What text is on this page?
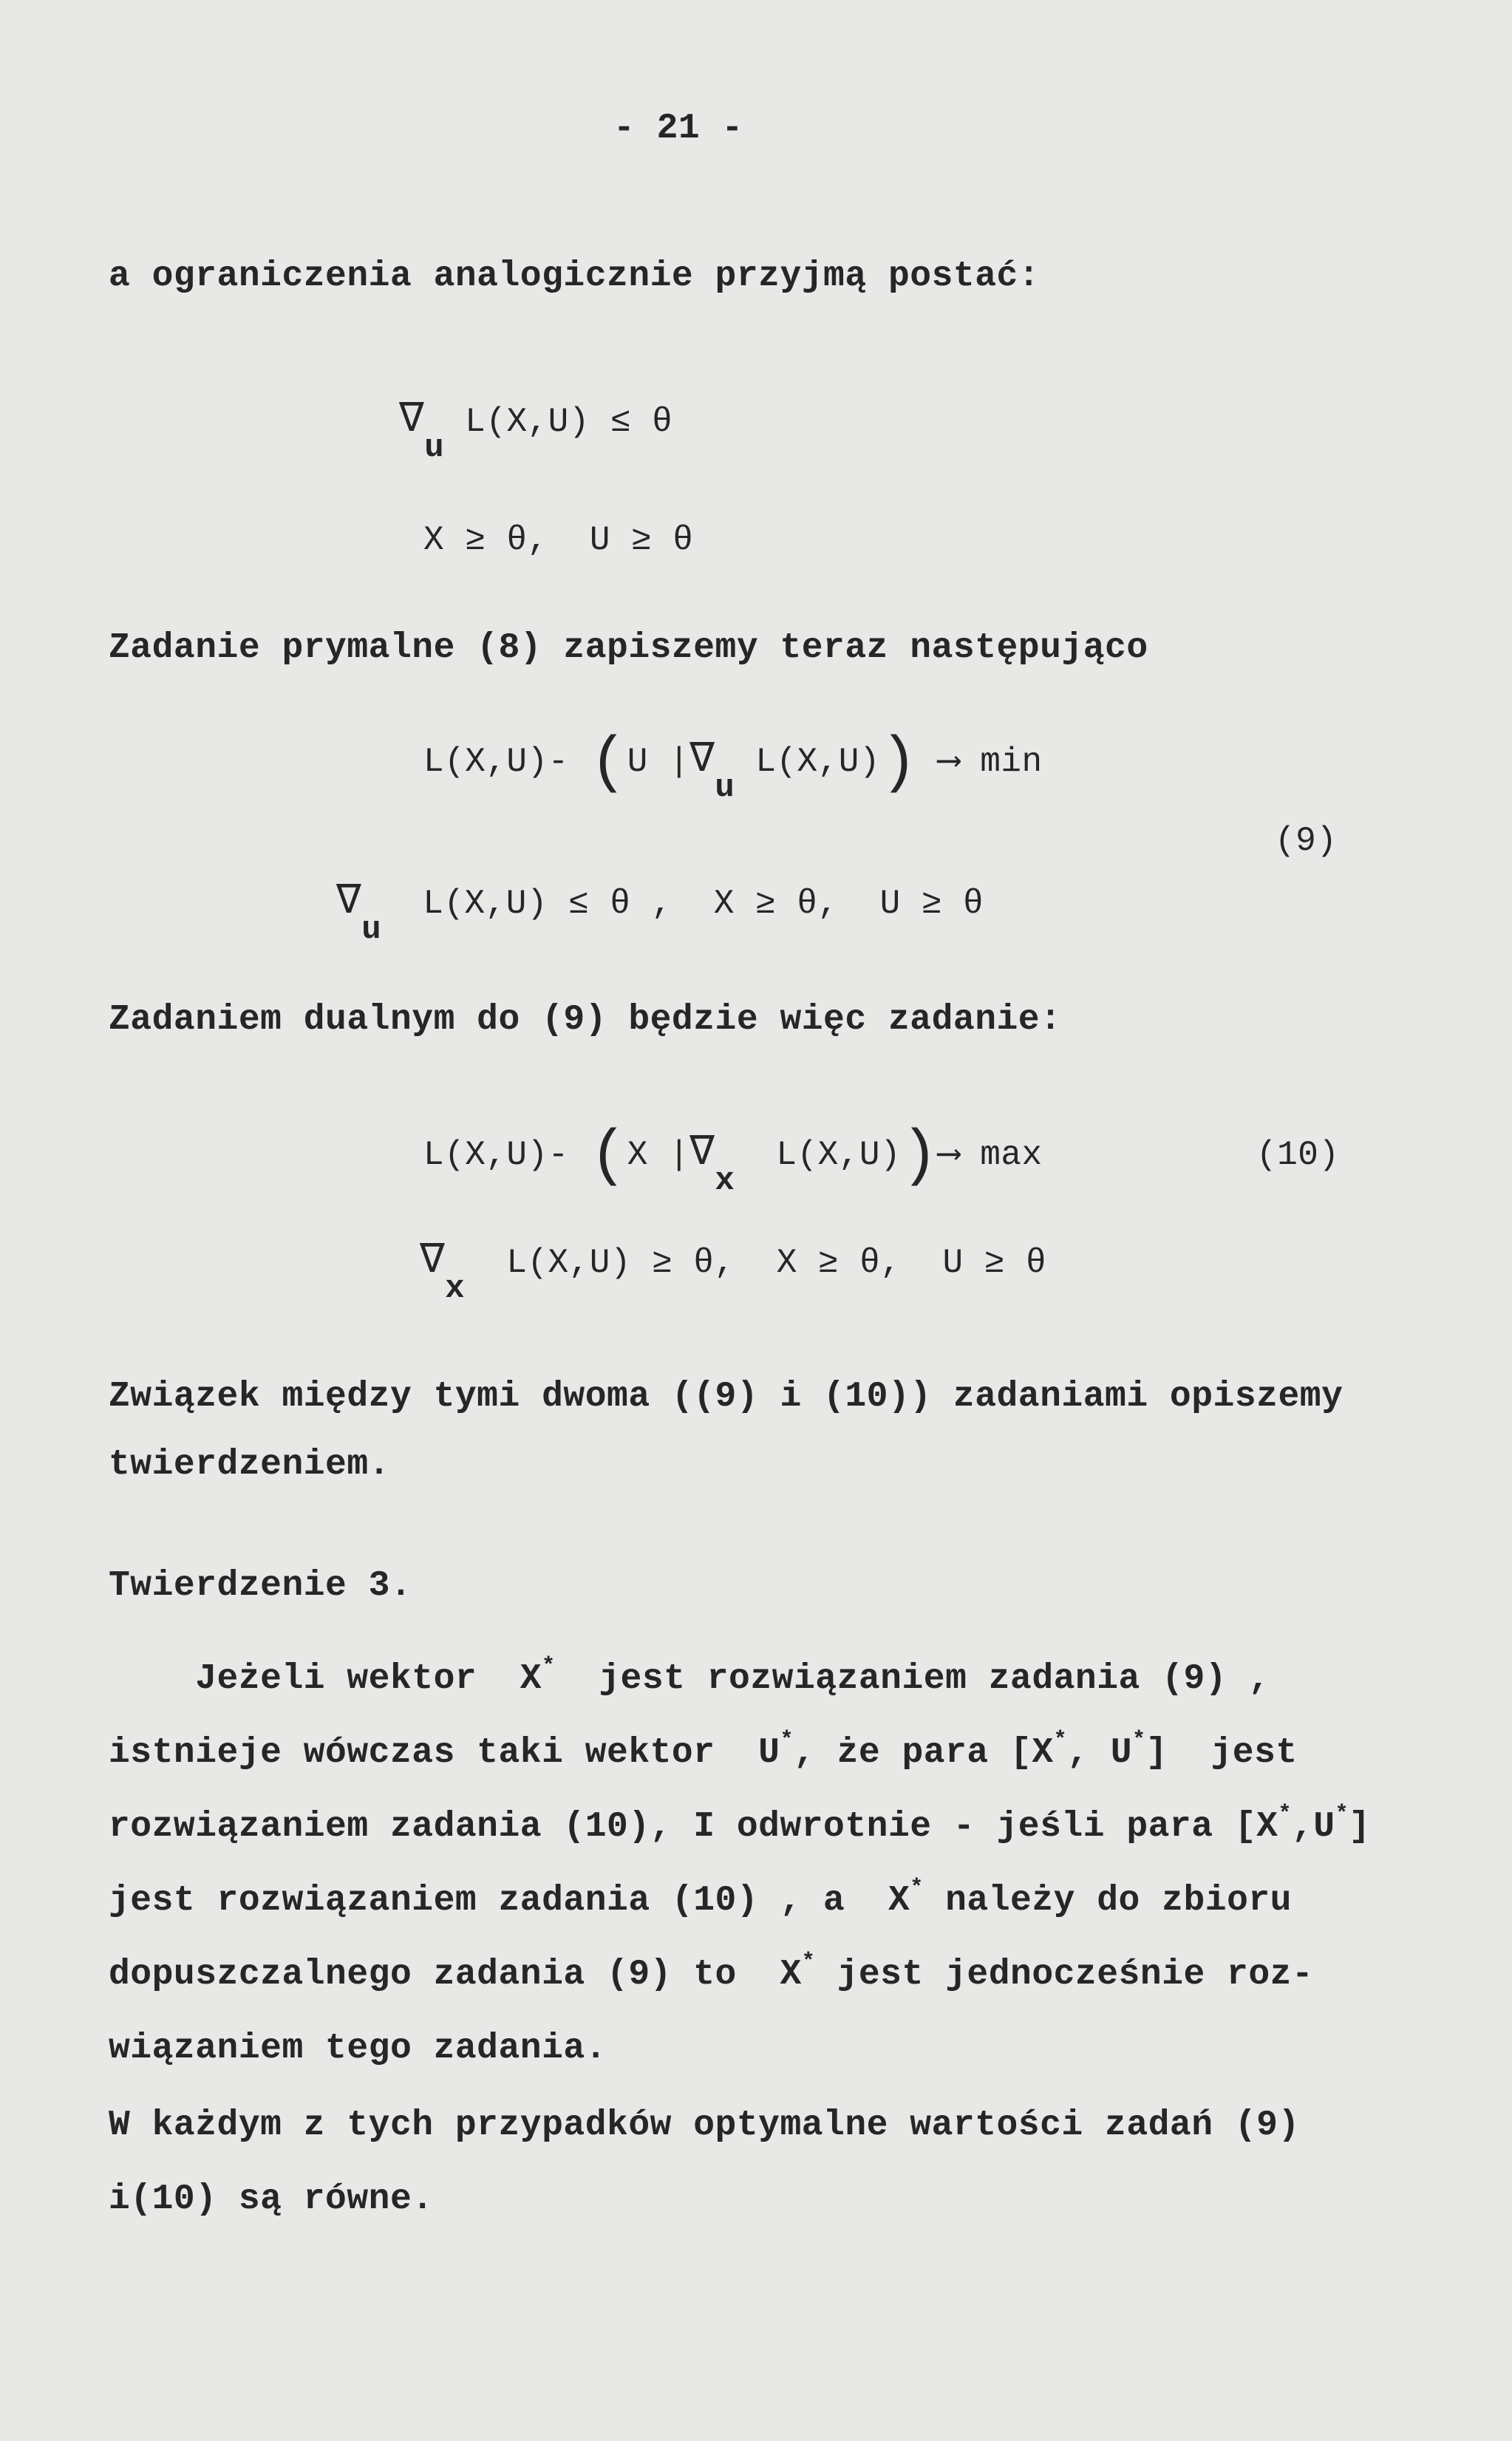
- 21 -
a ograniczenia analogicznie przyjmą postać:
∇u L(X,U) ≤ θ
X ≥ θ,  U ≥ θ
Zadanie prymalne (8) zapiszemy teraz następująco
L(X,U)- (U |∇u L(X,U)) ⟶ min
(9)
∇u  L(X,U) ≤ θ ,  X ≥ θ,  U ≥ θ
Zadaniem dualnym do (9) będzie więc zadanie:
L(X,U)- (X |∇x  L(X,U))⟶ max	(10)
∇x  L(X,U) ≥ θ,  X ≥ θ,  U ≥ θ
Związek między tymi dwoma ((9) i (10)) zadaniami opiszemy
twierdzeniem.
Twierdzenie 3.
Jeżeli wektor  X*  jest rozwiązaniem zadania (9) ,
istnieje wówczas taki wektor  U*, że para [X*, U*]  jest
rozwiązaniem zadania (10), I odwrotnie - jeśli para [X*,U*]
jest rozwiązaniem zadania (10) , a  X* należy do zbioru
dopuszczalnego zadania (9) to  X* jest jednocześnie roz-
wiązaniem tego zadania.
W każdym z tych przypadków optymalne wartości zadań (9)
i(10) są równe.
